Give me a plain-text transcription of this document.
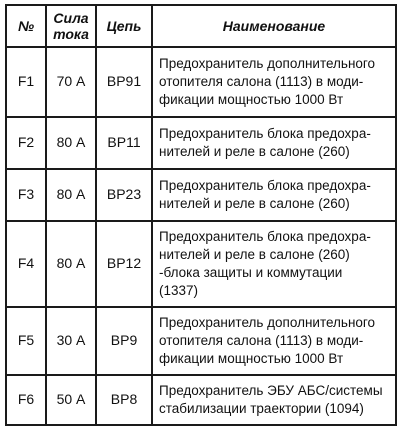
№	Сила
тока	Цепь	Наименование
F1	70 А	ВР91	Предохранитель дополнительного
отопителя салона (1113) в моди-
фикации мощностью 1000 Вт

F2	80 А	ВР11	Предохранитель блока предохра-
нителей и реле в салоне (260)

F3	80 А	ВР23	Предохранитель блока предохра-
нителей и реле в салоне (260)

F4	80 А	ВР12	Предохранитель блока предохра-
нителей и реле в салоне (260)
-блока защиты и коммутации
(1337)

F5	30 А	ВР9	Предохранитель дополнительного
отопителя салона (1113) в моди-
фикации мощностью 1000 Вт

F6	50 А	ВР8	Предохранитель ЭБУ АБС/системы
стабилизации траектории (1094)
